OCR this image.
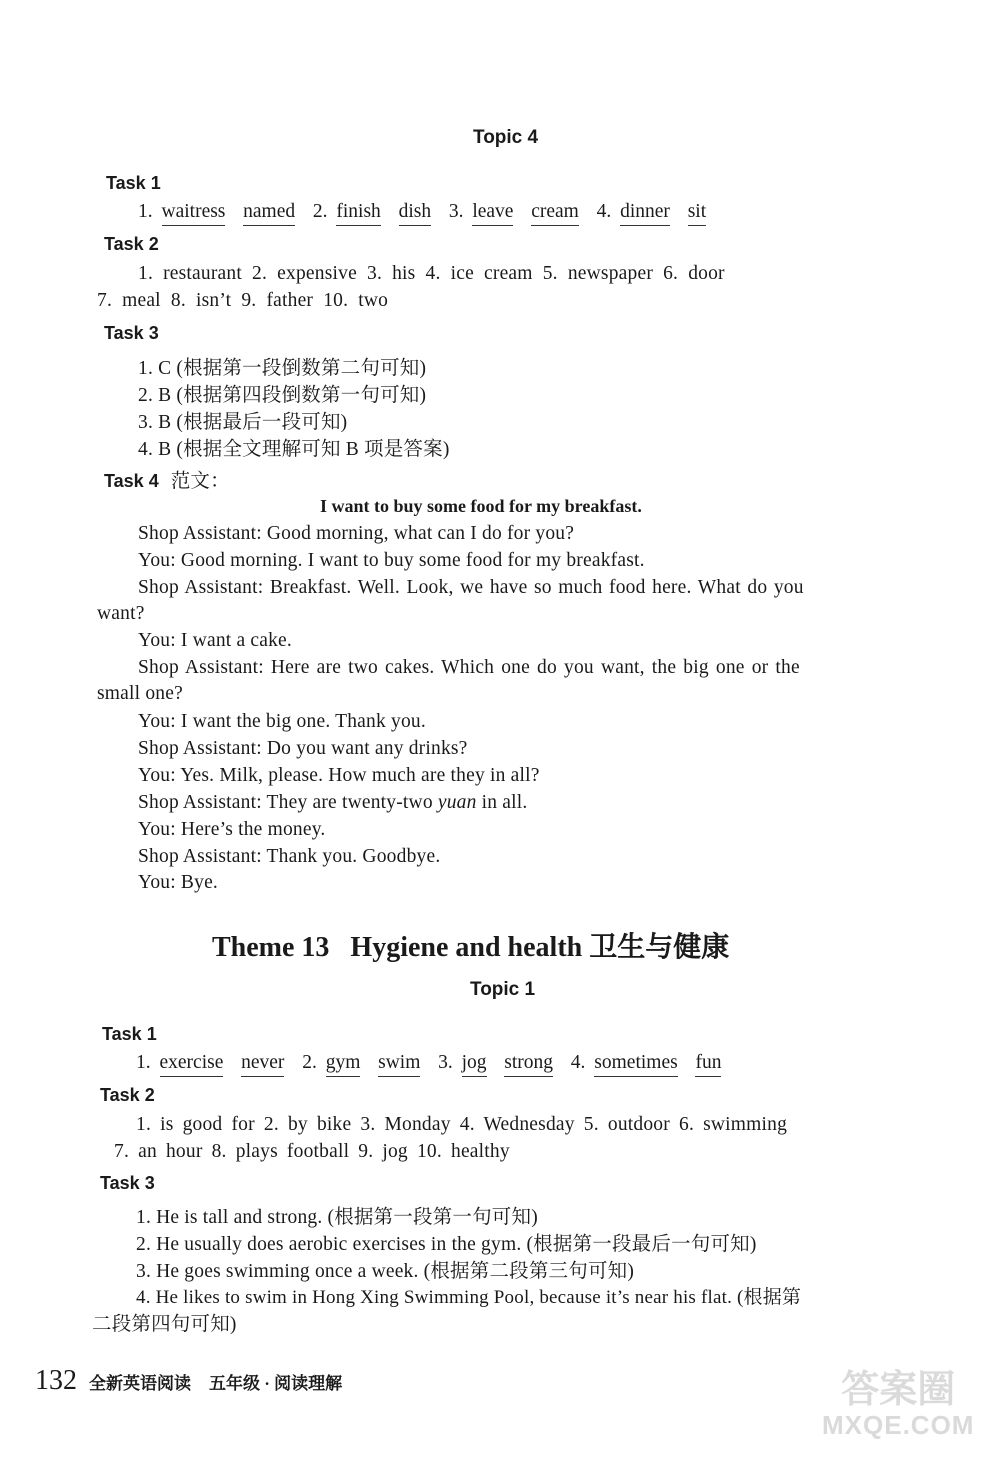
Topic 4
Task 1
1. waitress named  2. finish dish  3. leave cream  4. dinner sit
Task 2
1. restaurant 2. expensive 3. his 4. ice cream 5. newspaper 6. door
7. meal 8. isn’t 9. father 10. two
Task 3
1. C (根据第一段倒数第二句可知)
2. B (根据第四段倒数第一句可知)
3. B (根据最后一段可知)
4. B (根据全文理解可知 B 项是答案)
Task 4 范文：
I want to buy some food for my breakfast.
Shop Assistant: Good morning, what can I do for you?
You: Good morning. I want to buy some food for my breakfast.
Shop Assistant: Breakfast. Well. Look, we have so much food here. What do you
want?
You: I want a cake.
Shop Assistant: Here are two cakes. Which one do you want, the big one or the
small one?
You: I want the big one. Thank you.
Shop Assistant: Do you want any drinks?
You: Yes. Milk, please. How much are they in all?
Shop Assistant: They are twenty-two yuan in all.
You: Here’s the money.
Shop Assistant: Thank you. Goodbye.
You: Bye.
Theme 13   Hygiene and health 卫生与健康
Topic 1
Task 1
1. exercise never  2. gym swim  3. jog strong  4. sometimes fun
Task 2
1. is good for 2. by bike 3. Monday 4. Wednesday 5. outdoor 6. swimming
7. an hour 8. plays football 9. jog 10. healthy
Task 3
1. He is tall and strong. (根据第一段第一句可知)
2. He usually does aerobic exercises in the gym. (根据第一段最后一句可知)
3. He goes swimming once a week. (根据第二段第三句可知)
4. He likes to swim in Hong Xing Swimming Pool, because it’s near his flat. (根据第
二段第四句可知)
132 全新英语阅读 五年级 · 阅读理解	答案圈
MXQE.COM
